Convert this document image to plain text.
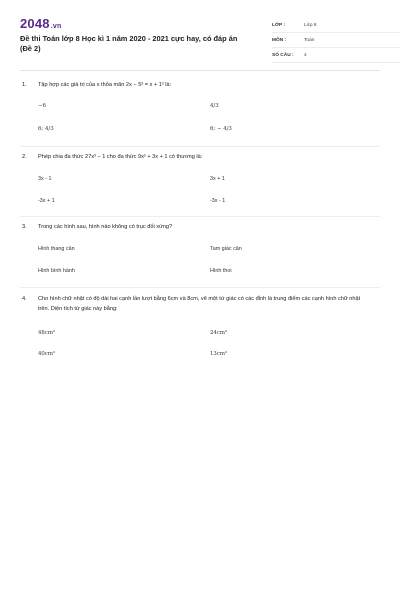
2048.vn
Đề thi Toán lớp 8 Học kì 1 năm 2020 - 2021 cực hay, có đáp án (Đề 2)
LỚP :	Lớp 8
MÔN :	Toán
SỐ CÂU :	4
1.	Tập hợp các giá trị của x thỏa mãn 2x − 5² = x + 1² là:
−6	4/3
6; 4/3	6; − 4/3
2.	Phép chia đa thức 27x³ − 1 cho đa thức 9x² + 3x + 1 có thương là:
3x - 1	3x + 1
-3x + 1	-3x - 1
3.	Trong các hình sau, hình nào không có trục đối xứng?
Hình thang cân	Tam giác cân
Hình bình hành	Hình thoi
4.	Cho hình chữ nhật có độ dài hai cạnh lần lượt bằng 6cm và 8cm, vẽ một tứ giác có các đỉnh là trung điểm các cạnh hình chữ nhật trên. Diện tích tứ giác này bằng:
48cm²	24cm²
40cm²	13cm²
